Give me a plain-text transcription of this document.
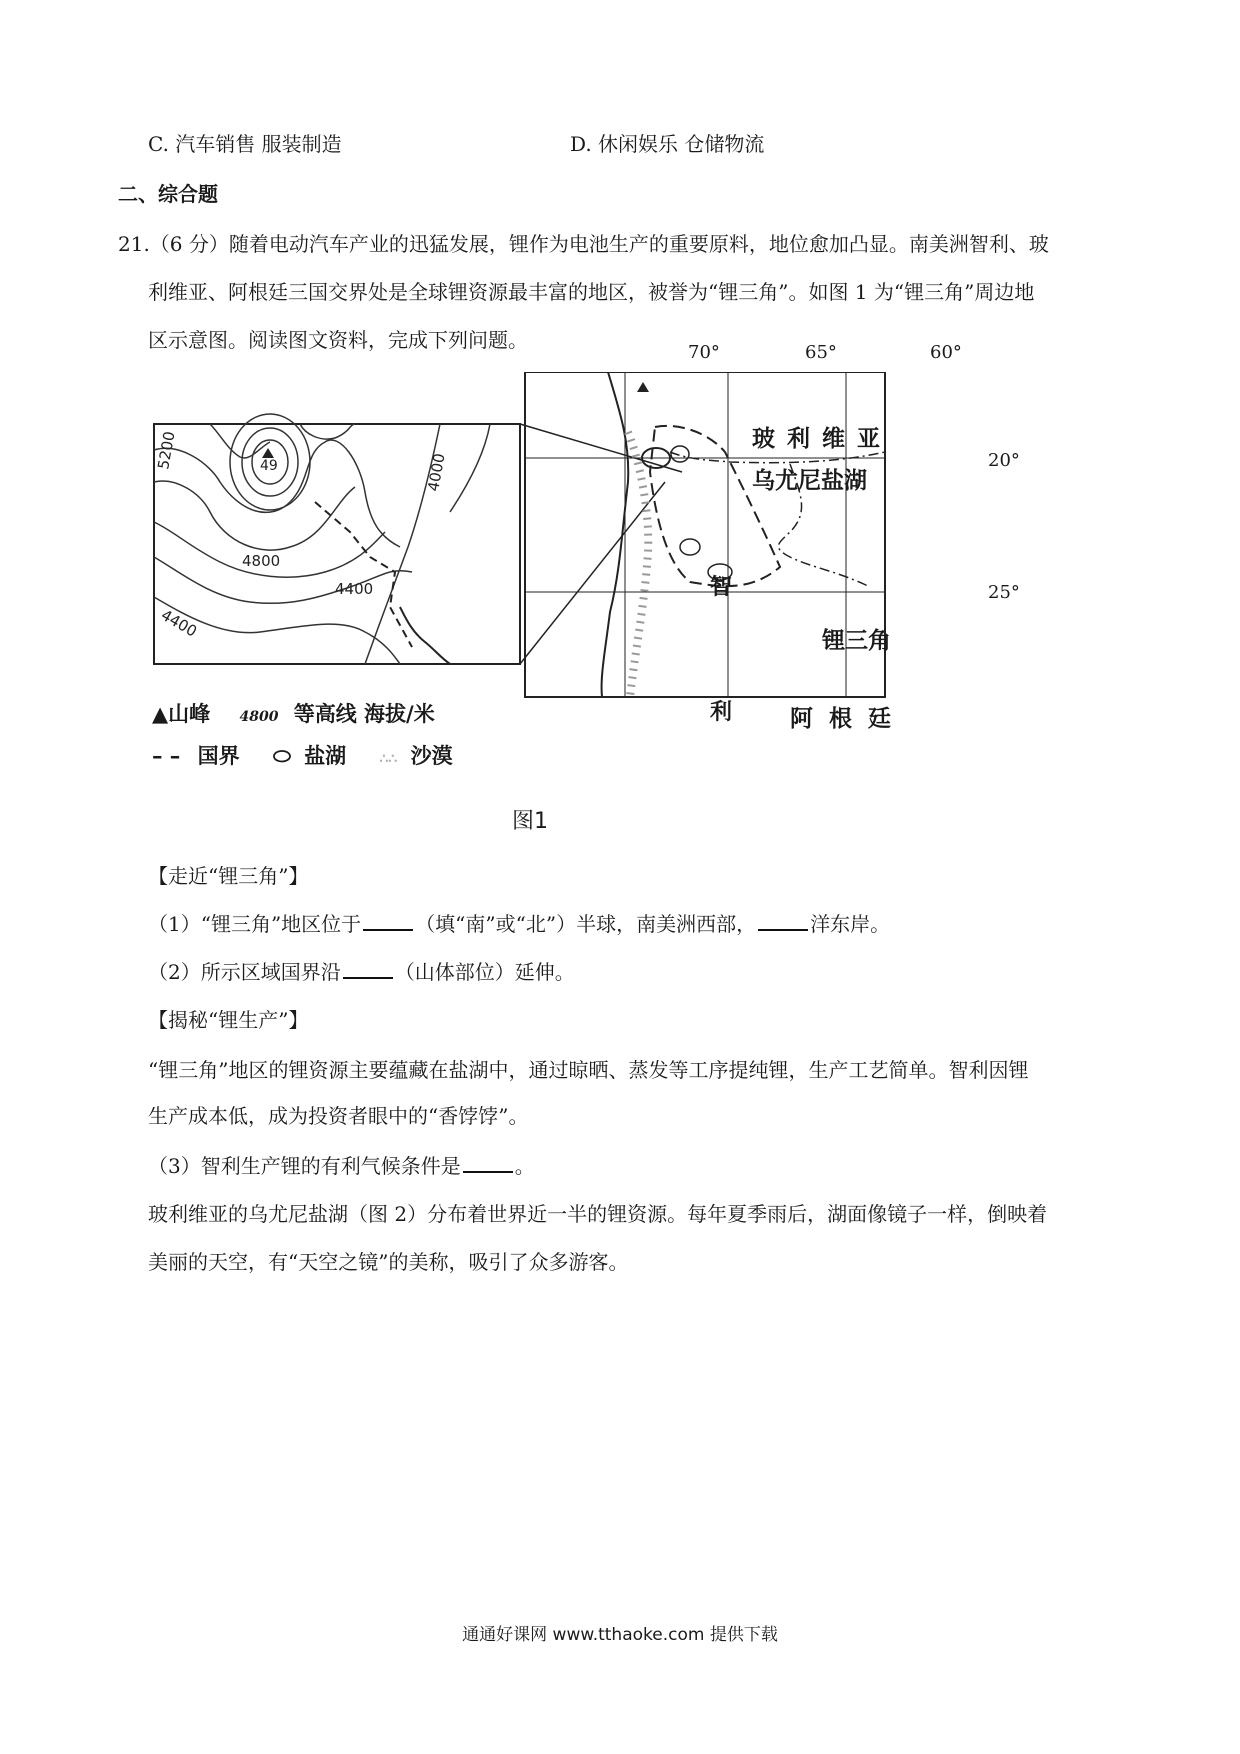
C. 汽车销售 服装制造	D. 休闲娱乐 仓储物流
二、综合题
21.（6 分）随着电动汽车产业的迅猛发展，锂作为电池生产的重要原料，地位愈加凸显。南美洲智利、玻
利维亚、阿根廷三国交界处是全球锂资源最丰富的地区，被誉为“锂三角”。如图 1 为“锂三角”周边地
区示意图。阅读图文资料，完成下列问题。
5200
4800
4400
4400
4000
49
70°	65°	60°
20°
25°
玻 利 维 亚
乌尤尼盐湖
智
利
锂三角
阿 根 廷
▲山峰 4800 等高线 海拔/米
– – 国界 ⬭ 盐湖 ∴∴ 沙漠
图1
【走近“锂三角”】
（1）“锂三角”地区位于	（填“南”或“北”）半球，南美洲西部，	洋东岸。
（2）所示区域国界沿	（山体部位）延伸。
【揭秘“锂生产”】
“锂三角”地区的锂资源主要蕴藏在盐湖中，通过晾晒、蒸发等工序提纯锂，生产工艺简单。智利因锂
生产成本低，成为投资者眼中的“香饽饽”。
（3）智利生产锂的有利气候条件是	。
玻利维亚的乌尤尼盐湖（图 2）分布着世界近一半的锂资源。每年夏季雨后，湖面像镜子一样，倒映着
美丽的天空，有“天空之镜”的美称，吸引了众多游客。
通通好课网 www.tthaoke.com 提供下载
